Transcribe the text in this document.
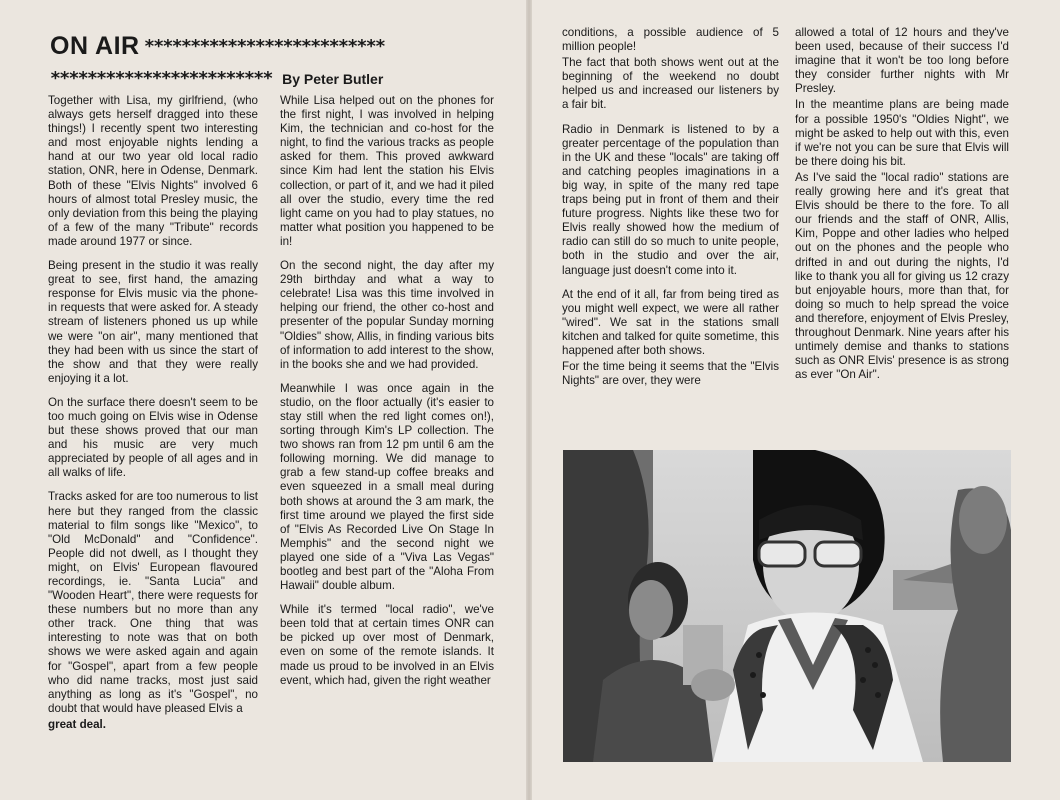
ON AIR **************************
************************ By Peter Butler

Together with Lisa, my girlfriend, (who always gets herself dragged into these things!) I recently spent two interesting and most enjoyable nights lending a hand at our two year old local radio station, ONR, here in Odense, Denmark. Both of these "Elvis Nights" involved 6 hours of almost total Presley music, the only deviation from this being the playing of a few of the many "Tribute" records made around 1977 or since.

Being present in the studio it was really great to see, first hand, the amazing response for Elvis music via the phone-in requests that were asked for. A steady stream of listeners phoned us up while we were "on air", many mentioned that they had been with us since the start of the show and that they were really enjoying it a lot.

On the surface there doesn't seem to be too much going on Elvis wise in Odense but these shows proved that our man and his music are very much appreciated by people of all ages and in all walks of life.

Tracks asked for are too numerous to list here but they ranged from the classic material to film songs like "Mexico", to "Old McDonald" and "Confidence". People did not dwell, as I thought they might, on Elvis' European flavoured recordings, ie. "Santa Lucia" and "Wooden Heart", there were requests for these numbers but no more than any other track. One thing that was interesting to note was that on both shows we were asked again and again for "Gospel", apart from a few people who did name tracks, most just said anything as long as it's "Gospel", no doubt that would have pleased Elvis a

great deal.

While Lisa helped out on the phones for the first night, I was involved in helping Kim, the technician and co-host for the night, to find the various tracks as people asked for them. This proved awkward since Kim had lent the station his Elvis collection, or part of it, and we had it piled all over the studio, every time the red light came on you had to play statues, no matter what position you happened to be in!

On the second night, the day after my 29th birthday and what a way to celebrate! Lisa was this time involved in helping our friend, the other co-host and presenter of the popular Sunday morning "Oldies" show, Allis, in finding various bits of information to add interest to the show, in the books she and we had provided.

Meanwhile I was once again in the studio, on the floor actually (it's easier to stay still when the red light comes on!), sorting through Kim's LP collection. The two shows ran from 12 pm until 6 am the following morning. We did manage to grab a few stand-up coffee breaks and even squeezed in a small meal during both shows at around the 3 am mark, the first time around we played the first side of "Elvis As Recorded Live On Stage In Memphis" and the second night we played one side of a "Viva Las Vegas" bootleg and best part of the "Aloha From Hawaii" double album.

While it's termed "local radio", we've been told that at certain times ONR can be picked up over most of Denmark, even on some of the remote islands. It made us proud to be involved in an Elvis event, which had, given the right weather

conditions, a possible audience of 5 million people!

The fact that both shows went out at the beginning of the weekend no doubt helped us and increased our listeners by a fair bit.

Radio in Denmark is listened to by a greater percentage of the population than in the UK and these "locals" are taking off and catching peoples imaginations in a big way, in spite of the many red tape traps being put in front of them and their future progress. Nights like these two for Elvis really showed how the medium of radio can still do so much to unite people, both in the studio and over the air, language just doesn't come into it.

At the end of it all, far from being tired as you might well expect, we were all rather "wired". We sat in the stations small kitchen and talked for quite sometime, this happened after both shows.

For the time being it seems that the "Elvis Nights" are over, they were

allowed a total of 12 hours and they've been used, because of their success I'd imagine that it won't be too long before they consider further nights with Mr Presley.

In the meantime plans are being made for a possible 1950's "Oldies Night", we might be asked to help out with this, even if we're not you can be sure that Elvis will be there doing his bit.

As I've said the "local radio" stations are really growing here and it's great that Elvis should be there to the fore. To all our friends and the staff of ONR, Allis, Kim, Poppe and other ladies who helped out on the phones and the people who drifted in and out during the nights, I'd like to thank you all for giving us 12 crazy but enjoyable hours, more than that, for doing so much to help spread the voice and therefore, enjoyment of Elvis Presley, throughout Denmark. Nine years after his untimely demise and thanks to stations such as ONR Elvis' presence is as strong as ever "On Air".
